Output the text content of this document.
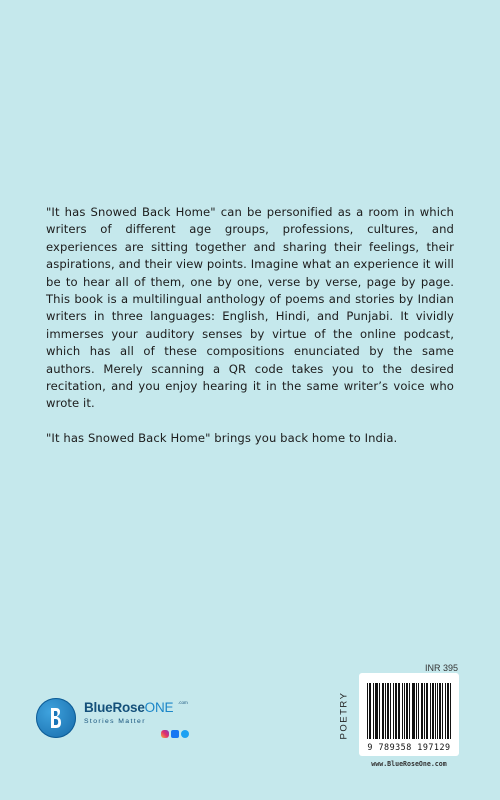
"It has Snowed Back Home" can be personified as a room in which writers of different age groups, professions, cultures, and experiences are sitting together and sharing their feelings, their aspirations, and their view points. Imagine what an experience it will be to hear all of them, one by one, verse by verse, page by page. This book is a multilingual anthology of poems and stories by Indian writers in three languages: English, Hindi, and Punjabi. It vividly immerses your auditory senses by virtue of the online podcast, which has all of these compositions enunciated by the same authors. Merely scanning a QR code takes you to the desired recitation, and you enjoy hearing it in the same writer’s voice who wrote it.

"It has Snowed Back Home" brings you back home to India.

BlueRoseONE .com
Stories Matter
INR 395
POETRY
9 789358 197129
www.BlueRoseOne.com
